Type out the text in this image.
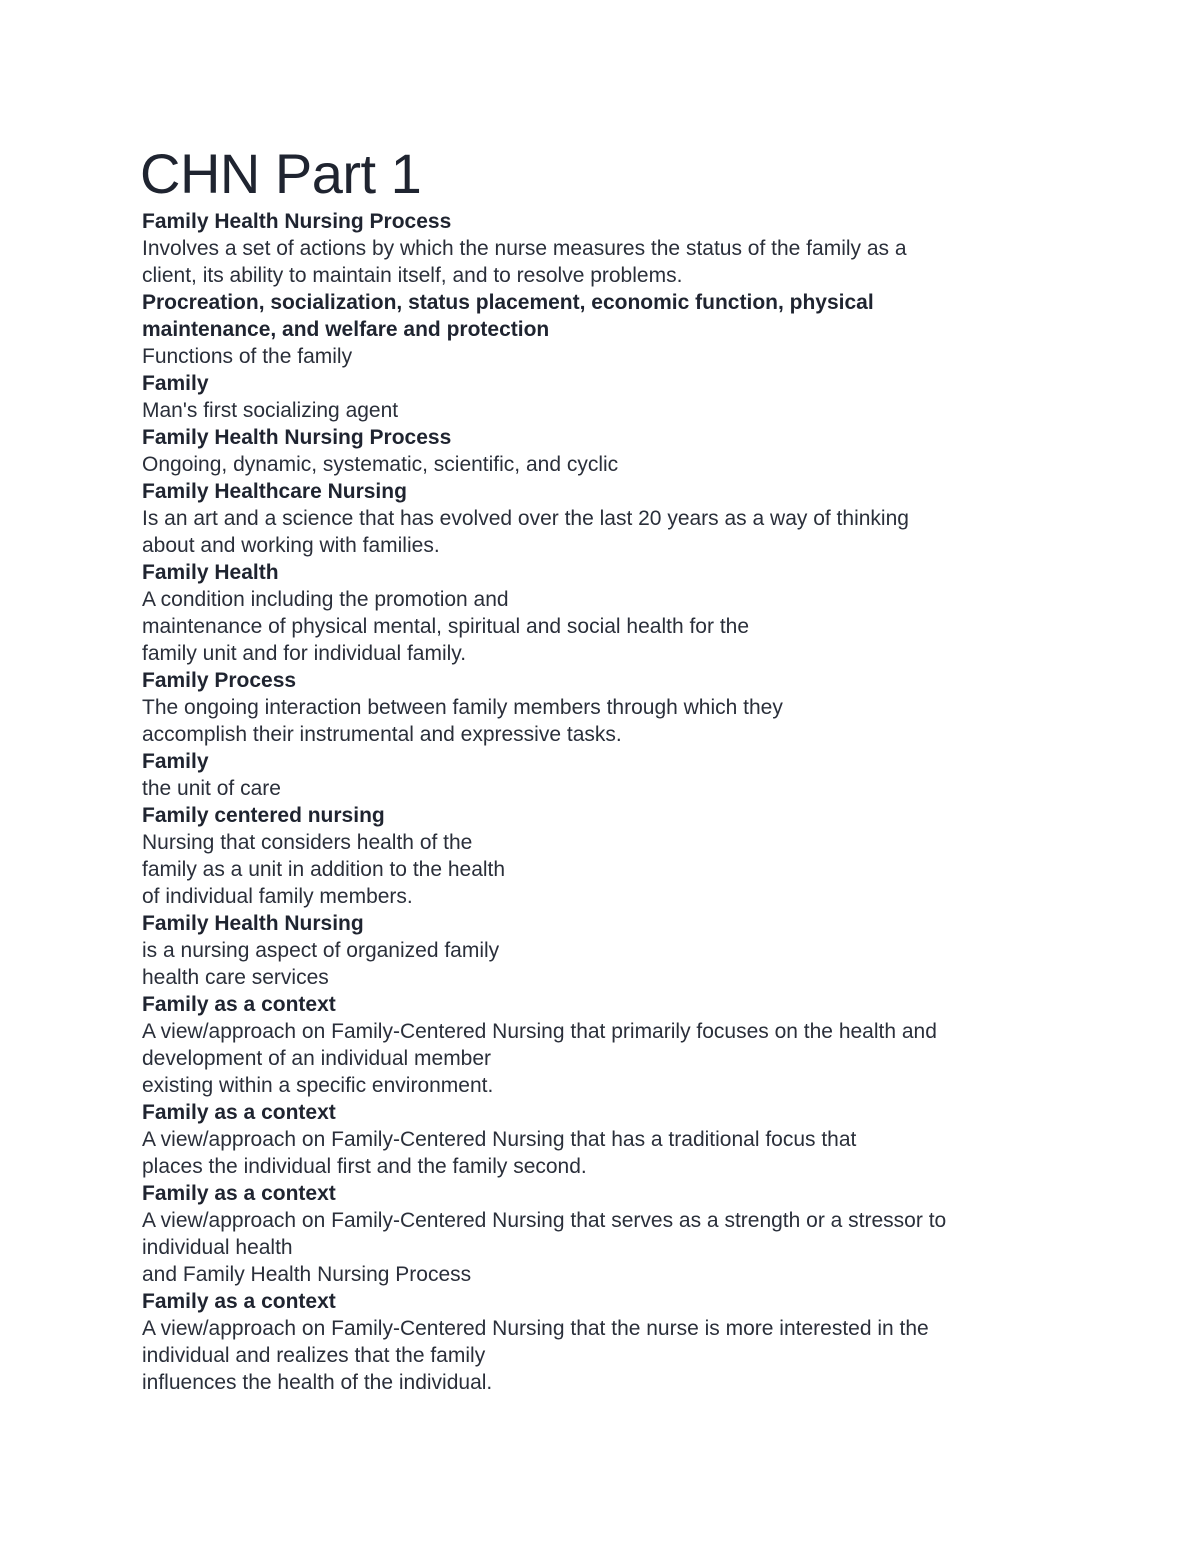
CHN Part 1
Family Health Nursing Process
Involves a set of actions by which the nurse measures the status of the family as a
client, its ability to maintain itself, and to resolve problems.
Procreation, socialization, status placement, economic function, physical
maintenance, and welfare and protection
Functions of the family
Family
Man's first socializing agent
Family Health Nursing Process
Ongoing, dynamic, systematic, scientific, and cyclic
Family Healthcare Nursing
Is an art and a science that has evolved over the last 20 years as a way of thinking
about and working with families.
Family Health
A condition including the promotion and
maintenance of physical mental, spiritual and social health for the
family unit and for individual family.
Family Process
The ongoing interaction between family members through which they
accomplish their instrumental and expressive tasks.
Family
the unit of care
Family centered nursing
Nursing that considers health of the
family as a unit in addition to the health
of individual family members.
Family Health Nursing
is a nursing aspect of organized family
health care services
Family as a context
A view/approach on Family-Centered Nursing that primarily focuses on the health and
development of an individual member
existing within a specific environment.
Family as a context
A view/approach on Family-Centered Nursing that has a traditional focus that
places the individual first and the family second.
Family as a context
A view/approach on Family-Centered Nursing that serves as a strength or a stressor to
individual health
and Family Health Nursing Process
Family as a context
A view/approach on Family-Centered Nursing that the nurse is more interested in the
individual and realizes that the family
influences the health of the individual.
